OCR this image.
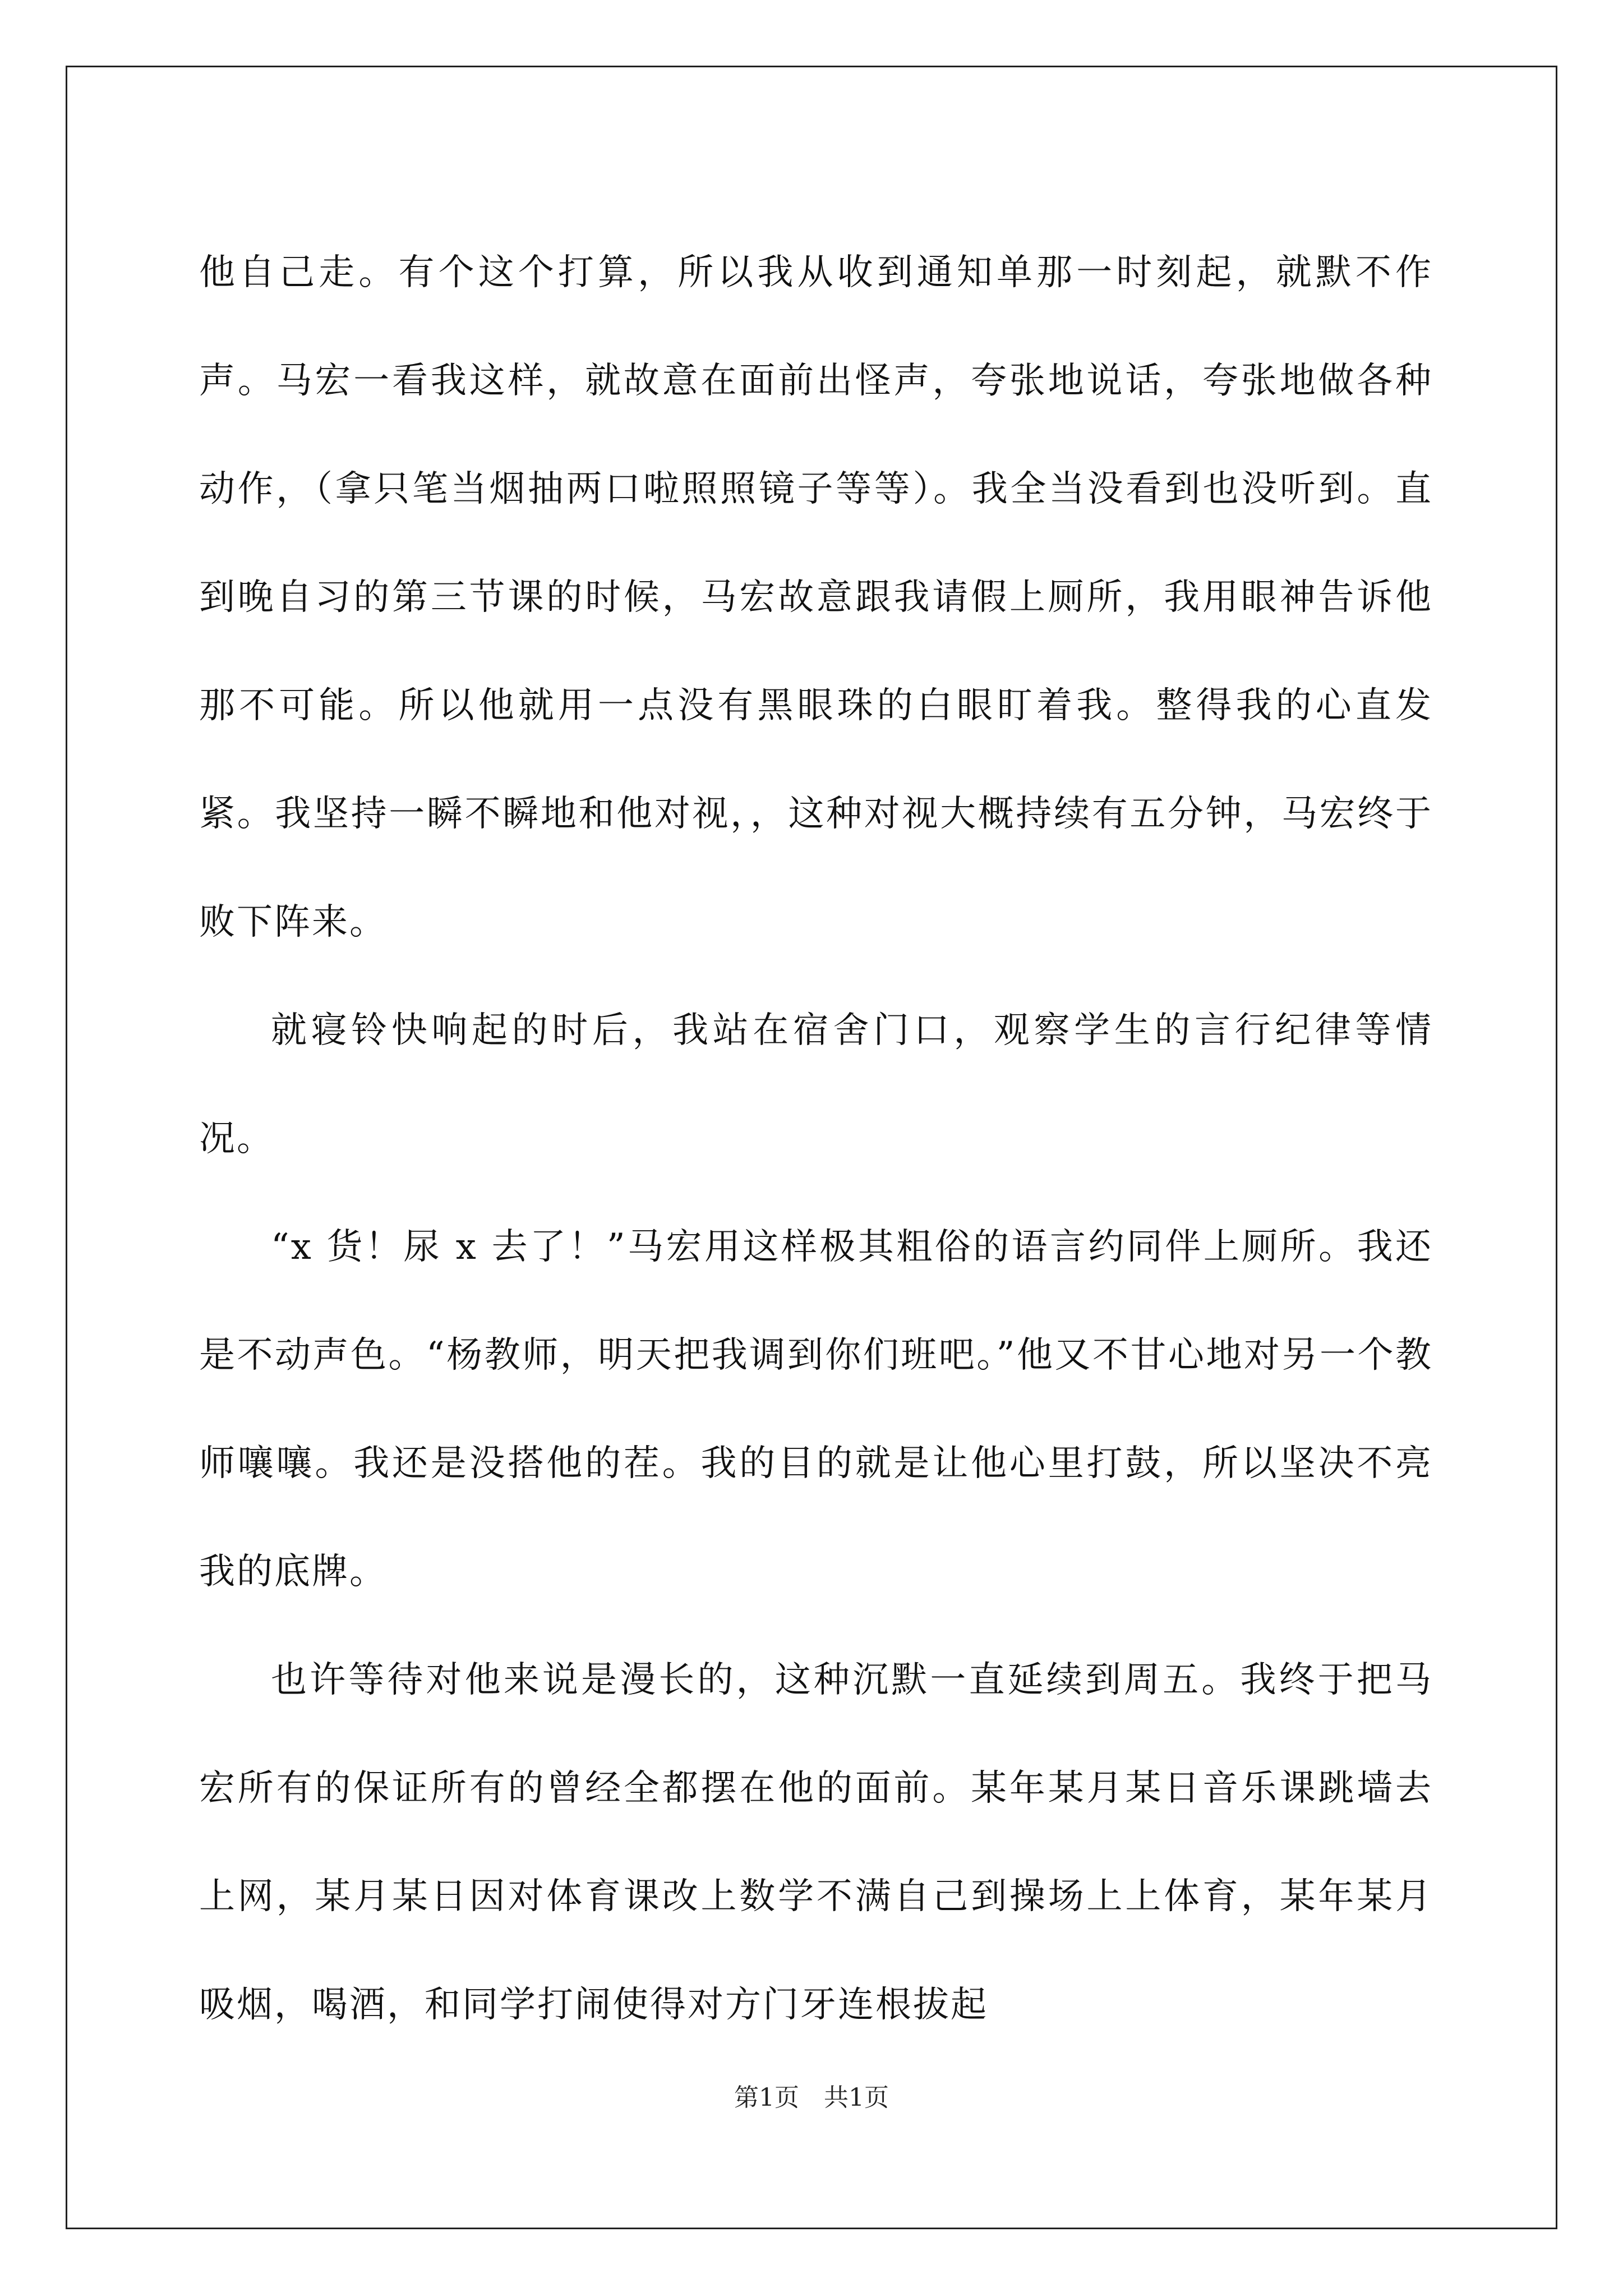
他自己走。有个这个打算，所以我从收到通知单那一时刻起，就默不作声。马宏一看我这样，就故意在面前出怪声，夸张地说话，夸张地做各种动作，（拿只笔当烟抽两口啦照照镜子等等）。我全当没看到也没听到。直到晚自习的第三节课的时候，马宏故意跟我请假上厕所，我用眼神告诉他那不可能。所以他就用一点没有黑眼珠的白眼盯着我。整得我的心直发紧。我坚持一瞬不瞬地和他对视，，这种对视大概持续有五分钟，马宏终于败下阵来。

就寝铃快响起的时后，我站在宿舍门口，观察学生的言行纪律等情况。

“x 货！尿 x 去了！”马宏用这样极其粗俗的语言约同伴上厕所。我还是不动声色。“杨教师，明天把我调到你们班吧。”他又不甘心地对另一个教师嚷嚷。我还是没搭他的茬。我的目的就是让他心里打鼓，所以坚决不亮我的底牌。

也许等待对他来说是漫长的，这种沉默一直延续到周五。我终于把马宏所有的保证所有的曾经全都摆在他的面前。某年某月某日音乐课跳墙去上网，某月某日因对体育课改上数学不满自己到操场上上体育，某年某月吸烟，喝酒，和同学打闹使得对方门牙连根拔起

第1页　共1页
